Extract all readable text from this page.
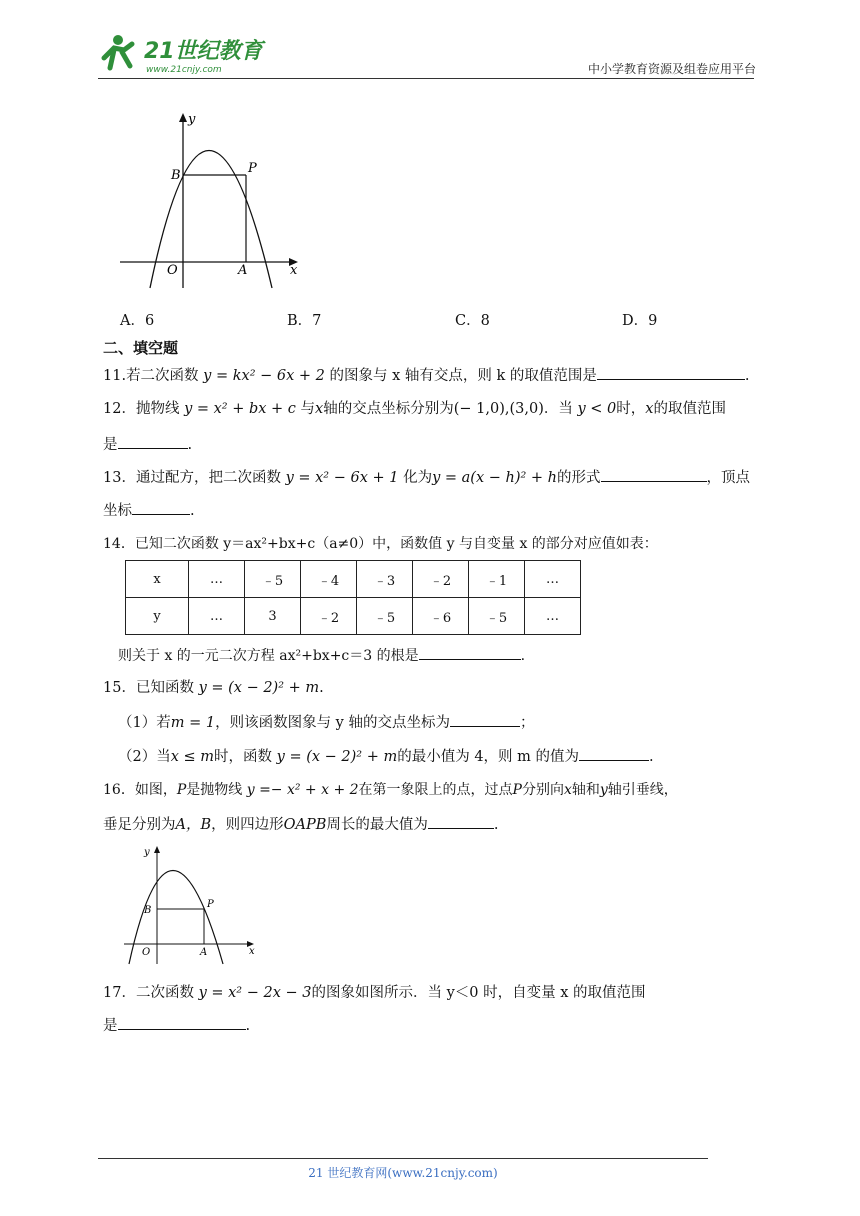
21世纪教育
www.21cnjy.com	中小学教育资源及组卷应用平台
y
x
O	A
B	P
A．6	B．7	C．8	D．9
二、填空题
11.若二次函数 y = kx² − 6x + 2 的图象与 x 轴有交点，则 k 的取值范围是	.
12．抛物线 y = x² + bx + c 与x轴的交点坐标分别为(− 1,0),(3,0)．当 y < 0时，x的取值范围
是	.
13．通过配方，把二次函数 y = x² − 6x + 1 化为y = a(x − h)² + h的形式	，顶点
坐标	.
14．已知二次函数 y＝ax²+bx+c（a≠0）中，函数值 y 与自变量 x 的部分对应值如表：
x	…	﹣5	﹣4	﹣3	﹣2	﹣1	…
y	…	3	﹣2	﹣5	﹣6	﹣5	…
则关于 x 的一元二次方程 ax²+bx+c＝3 的根是	.
15．已知函数 y = (x − 2)² + m.
（1）若m = 1，则该函数图象与 y 轴的交点坐标为	；
（2）当x ≤ m时，函数 y = (x − 2)² + m的最小值为 4，则 m 的值为	.
16．如图，P是抛物线 y =− x² + x + 2在第一象限上的点，过点P分别向x轴和y轴引垂线，
垂足分别为A，B，则四边形OAPB周长的最大值为	.
y
x
O	A
B
P
17．二次函数 y = x² − 2x − 3的图象如图所示．当 y＜0 时，自变量 x 的取值范围
是	.
21 世纪教育网(www.21cnjy.com)
